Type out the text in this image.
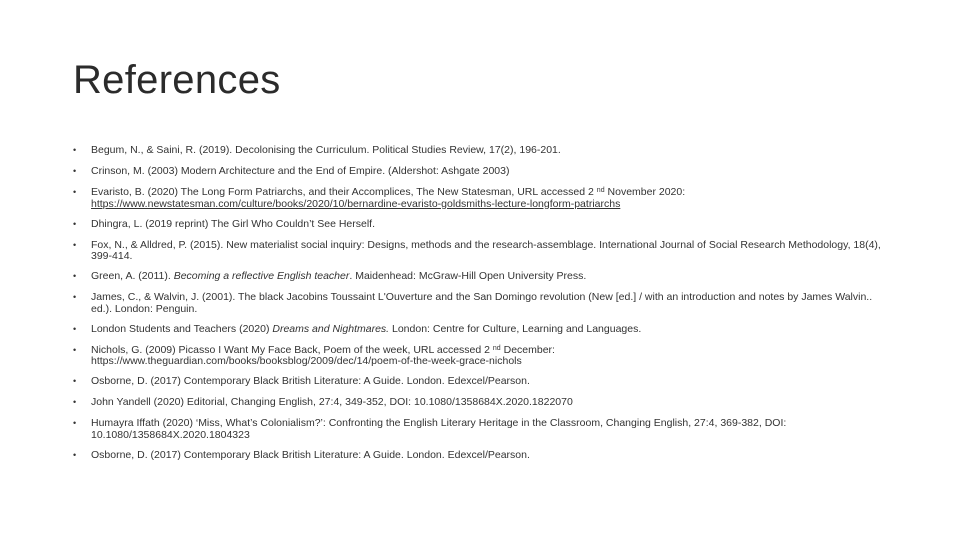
References
• Begum, N., & Saini, R. (2019). Decolonising the Curriculum. Political Studies Review, 17(2), 196-201.
• Crinson, M. (2003) Modern Architecture and the End of Empire. (Aldershot: Ashgate 2003)
• Evaristo, B. (2020) The Long Form Patriarchs, and their Accomplices, The New Statesman, URL accessed 2 $^{nd}$ November 2020:
https://www.newstatesman.com/culture/books/2020/10/bernardine-evaristo-goldsmiths-lecture-longform-patriarchs
• Dhingra, L. (2019 reprint) The Girl Who Couldn’t See Herself.
• Fox, N., & Alldred, P. (2015). New materialist social inquiry: Designs, methods and the research-assemblage. International Journal of Social Research Methodology, 18(4), 399-414.
• Green, A. (2011). Becoming a reflective English teacher. Maidenhead: McGraw-Hill Open University Press.
• James, C., & Walvin, J. (2001). The black Jacobins Toussaint L'Ouverture and the San Domingo revolution (New [ed.] / with an introduction and notes by James Walvin.. ed.). London: Penguin.
• London Students and Teachers (2020) Dreams and Nightmares. London: Centre for Culture, Learning and Languages.
• Nichols, G. (2009) Picasso I Want My Face Back, Poem of the week, URL accessed 2 $^{nd}$ December:
https://www.theguardian.com/books/booksblog/2009/dec/14/poem-of-the-week-grace-nichols
• Osborne, D. (2017) Contemporary Black British Literature: A Guide. London. Edexcel/Pearson.
• John Yandell (2020) Editorial, Changing English, 27:4, 349-352, DOI: 10.1080/1358684X.2020.1822070
• Humayra Iffath (2020) ‘Miss, What’s Colonialism?’: Confronting the English Literary Heritage in the Classroom, Changing English, 27:4, 369-382, DOI: 10.1080/1358684X.2020.1804323
• Osborne, D. (2017) Contemporary Black British Literature: A Guide. London. Edexcel/Pearson.
